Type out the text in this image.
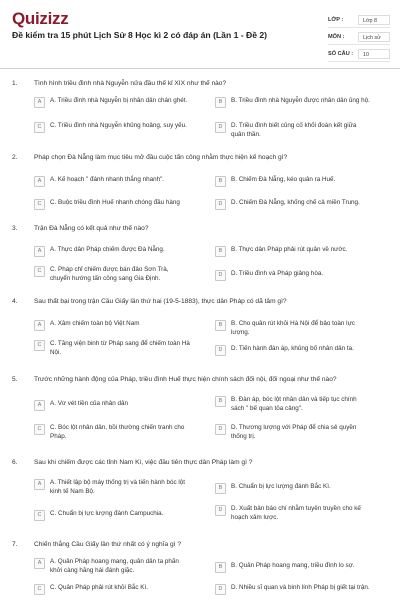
Quizizz
Đề kiểm tra 15 phút Lịch Sử 8 Học kì 2 có đáp án (Lần 1 - Đề 2)
LỚP :	Lớp 8
MÔN :	Lịch sử
SỐ CÂU :	10
1.	Tình hình triều đình nhà Nguyễn nửa đầu thế kỉ XIX như thế nào?
A	A. Triều đình nhà Nguyễn bị nhân dân chán ghét.	B	B. Triều đình nhà Nguyễn được nhân dân ủng hộ.
C	C. Triều đình nhà Nguyễn khủng hoảng, suy yếu.	D	D. Triều đình biết củng cố khối đoàn kết giữa quân thần.
2.	Pháp chọn Đà Nẵng làm mục tiêu mở đầu cuộc tấn công nhằm thực hiện kế hoạch gì?
A	A. Kế hoạch " đánh nhanh thắng nhanh".	B	B. Chiếm Đà Nẵng, kéo quân ra Huế.
C	C. Buộc triều đình Huế nhanh chóng đầu hàng	D	D. Chiếm Đà Nẵng, khống chế cả miền Trung.
3.	Trận Đà Nẵng có kết quả như thế nào?
A	A. Thực dân Pháp chiếm được Đà Nẵng.	B	B. Thực dân Pháp phải rút quân về nước.
C	C. Pháp chỉ chiếm được bán đảo Sơn Trà, chuyển hướng tấn công sang Gia Định.	D	D. Triều đình và Pháp giảng hòa.
4.	Sau thất bại trong trận Cầu Giấy lần thứ hai (19-5-1883), thực dân Pháp có dã tâm gì?
A	A. Xâm chiếm toàn bộ Việt Nam	B	B. Cho quân rút khỏi Hà Nội để bảo toàn lực lượng.
C	C. Tăng viện binh từ Pháp sang để chiếm toàn Hà Nội.	D	D. Tiến hành đàn áp, khủng bố nhân dân ta.
5.	Trước những hành động của Pháp, triều đình Huế thực hiện chính sách đối nội, đối ngoại như thế nào?
A	A. Vơ vét tiền của nhân dân	B	B. Đàn áp, bóc lột nhân dân và tiếp tục chính sách " bế quan tỏa cảng".
C	C. Bóc lột nhân dân, bồi thường chiến tranh cho Pháp.
D	D. Thương lượng với Pháp để chia sẻ quyền thống trị.
6.	Sau khi chiếm được các tỉnh Nam Kì, việc đầu tiên thực dân Pháp làm gì ?
A	A. Thiết lập bộ máy thống trị và tiến hành bóc lột kinh tế Nam Bộ.	B	B. Chuẩn bị lực lượng đánh Bắc Kì.
C	C. Chuẩn bị lực lượng đánh Campuchia.	D	D. Xuất bản báo chí nhằm tuyên truyền cho kế hoạch xâm lược.
7.	Chiến thắng Cầu Giấy lần thứ nhất có ý nghĩa gì ?
A	A. Quân Pháp hoang mang, quân dân ta phấn khởi càng hăng hái đánh giặc.	B	B. Quân Pháp hoang mang, triều đình lo sợ.
C	C. Quân Pháp phải rút khỏi Bắc Kì.	D	D. Nhiều sĩ quan và binh lính Pháp bị giết tại trận.
